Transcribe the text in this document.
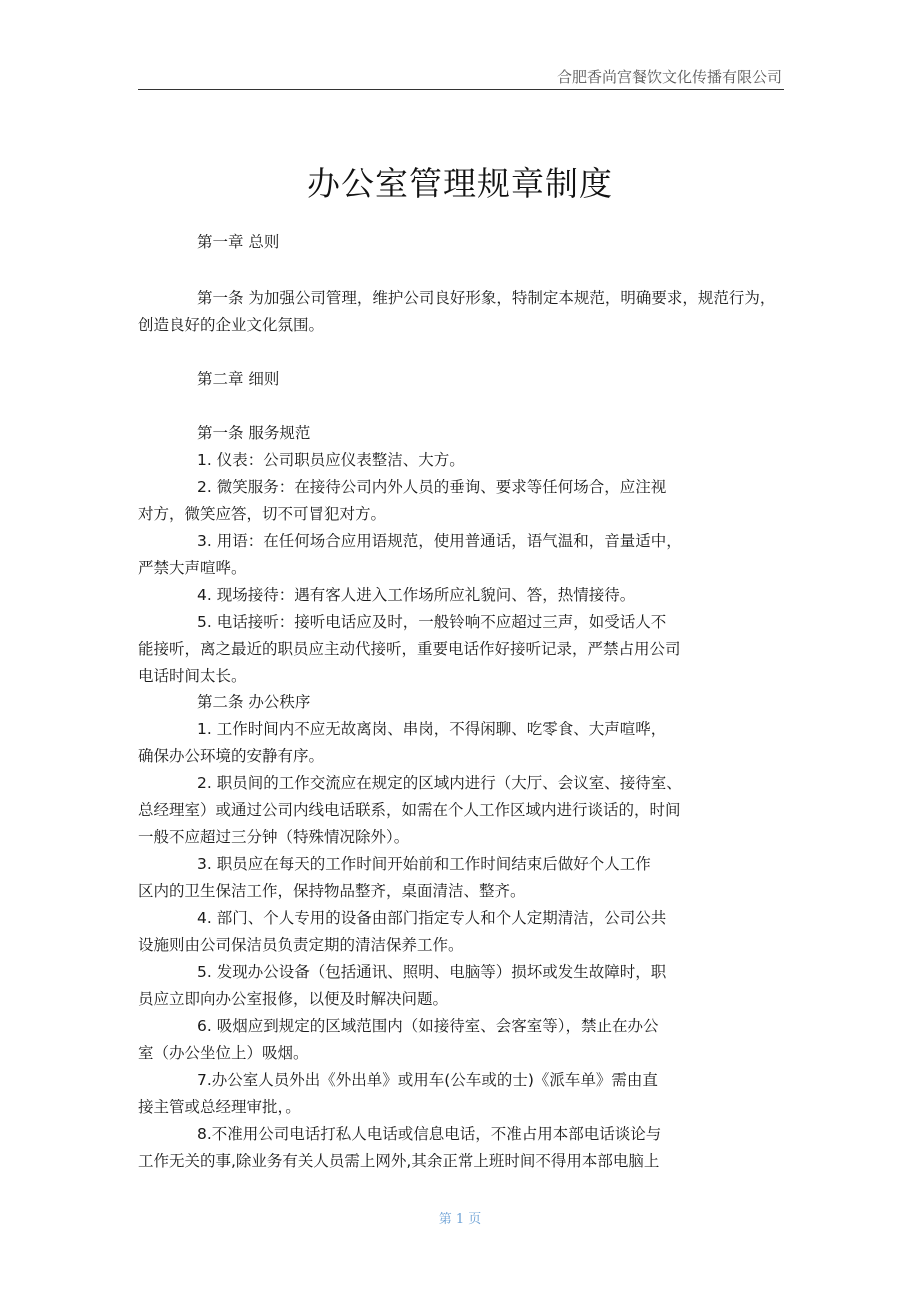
合肥香尚宫餐饮文化传播有限公司
办公室管理规章制度
第一章 总则
第一条 为加强公司管理，维护公司良好形象，特制定本规范，明确要求，规范行为，
创造良好的企业文化氛围。
第二章 细则
第一条 服务规范
1. 仪表：公司职员应仪表整洁、大方。
2. 微笑服务：在接待公司内外人员的垂询、要求等任何场合，应注视
对方，微笑应答，切不可冒犯对方。
3. 用语：在任何场合应用语规范，使用普通话，语气温和，音量适中，
严禁大声喧哗。
4. 现场接待：遇有客人进入工作场所应礼貌问、答，热情接待。
5. 电话接听：接听电话应及时，一般铃响不应超过三声，如受话人不
能接听，离之最近的职员应主动代接听，重要电话作好接听记录，严禁占用公司
电话时间太长。
第二条 办公秩序
1. 工作时间内不应无故离岗、串岗，不得闲聊、吃零食、大声喧哗，
确保办公环境的安静有序。
2. 职员间的工作交流应在规定的区域内进行（大厅、会议室、接待室、
总经理室）或通过公司内线电话联系，如需在个人工作区域内进行谈话的，时间
一般不应超过三分钟（特殊情况除外）。
3. 职员应在每天的工作时间开始前和工作时间结束后做好个人工作
区内的卫生保洁工作，保持物品整齐，桌面清洁、整齐。
4. 部门、个人专用的设备由部门指定专人和个人定期清洁，公司公共
设施则由公司保洁员负责定期的清洁保养工作。
5. 发现办公设备（包括通讯、照明、电脑等）损坏或发生故障时，职
员应立即向办公室报修，以便及时解决问题。
6. 吸烟应到规定的区域范围内（如接待室、会客室等），禁止在办公
室（办公坐位上）吸烟。
7.办公室人员外出《外出单》或用车(公车或的士)《派车单》需由直
接主管或总经理审批，。
8.不准用公司电话打私人电话或信息电话，不准占用本部电话谈论与
工作无关的事,除业务有关人员需上网外,其余正常上班时间不得用本部电脑上
第 1 页
